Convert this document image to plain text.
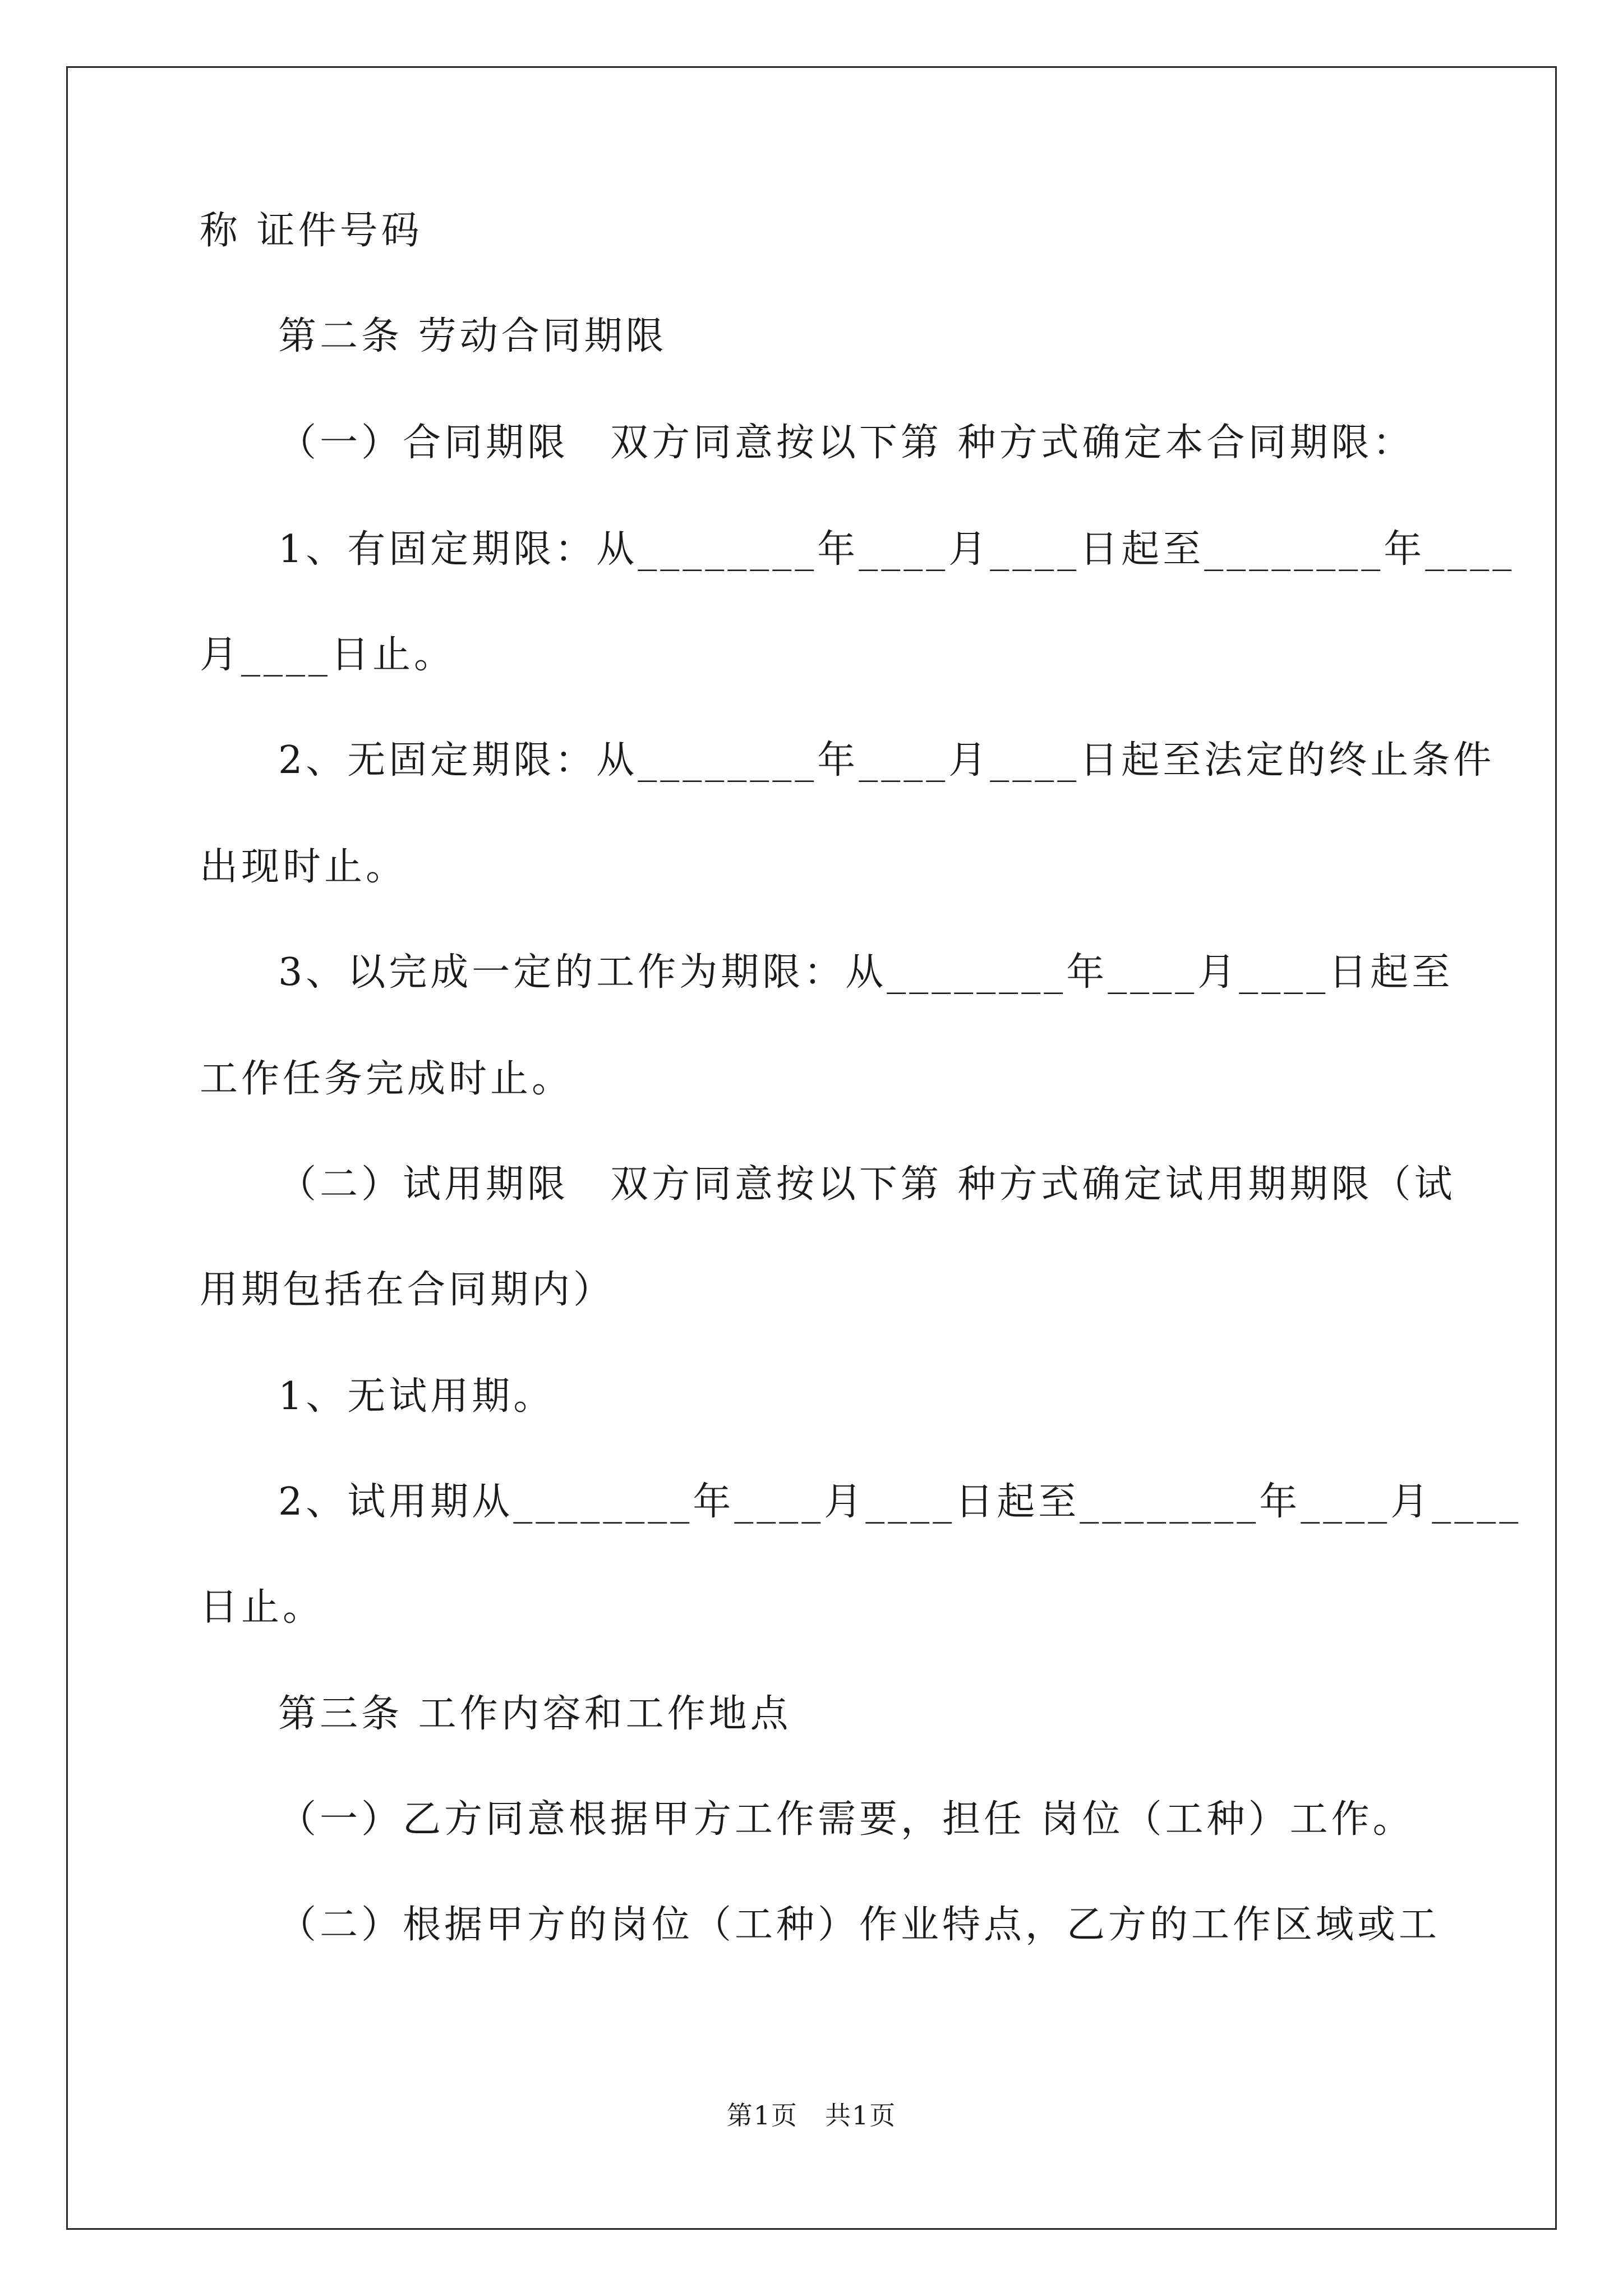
称 证件号码
第二条 劳动合同期限
（一）合同期限　双方同意按以下第 种方式确定本合同期限：
1、有固定期限：从________年____月____日起至________年____
月____日止。
2、无固定期限：从________年____月____日起至法定的终止条件
出现时止。
3、以完成一定的工作为期限：从________年____月____日起至
工作任务完成时止。
（二）试用期限　双方同意按以下第 种方式确定试用期期限（试
用期包括在合同期内）
1、无试用期。
2、试用期从________年____月____日起至________年____月____
日止。
第三条 工作内容和工作地点
（一）乙方同意根据甲方工作需要，担任 岗位（工种）工作。
（二）根据甲方的岗位（工种）作业特点，乙方的工作区域或工
第1页　共1页
